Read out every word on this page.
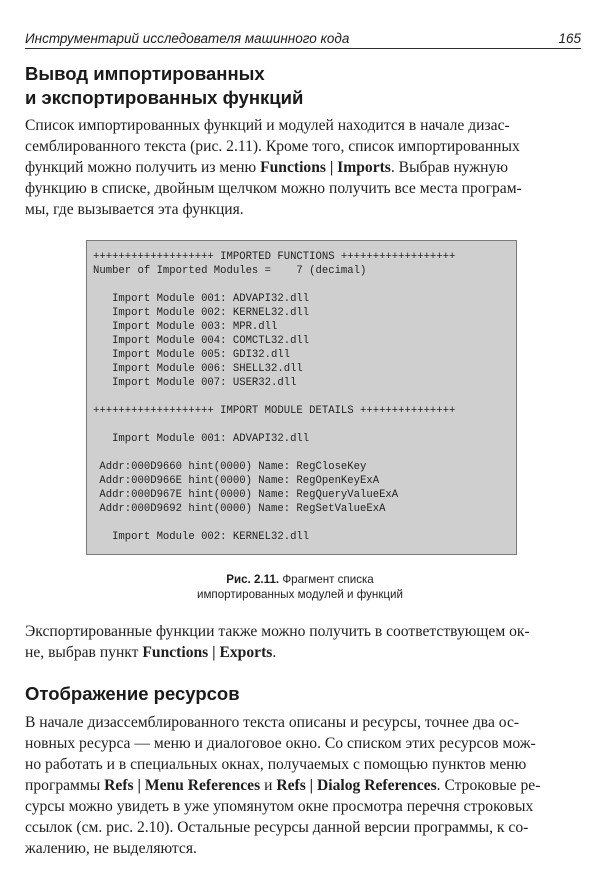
Инструментарий исследователя машинного кода	165
Вывод импортированных
и экспортированных функций
Список импортированных функций и модулей находится в начале дизас-
семблированного текста (рис. 2.11). Кроме того, список импортированных
функций можно получить из меню Functions | Imports. Выбрав нужную
функцию в списке, двойным щелчком можно получить все места програм-
мы, где вызывается эта функция.
+++++++++++++++++++ IMPORTED FUNCTIONS ++++++++++++++++++
Number of Imported Modules =    7 (decimal)
Import Module 001: ADVAPI32.dll
Import Module 002: KERNEL32.dll
Import Module 003: MPR.dll
Import Module 004: COMCTL32.dll
Import Module 005: GDI32.dll
Import Module 006: SHELL32.dll
Import Module 007: USER32.dll
+++++++++++++++++++ IMPORT MODULE DETAILS +++++++++++++++
Import Module 001: ADVAPI32.dll
Addr:000D9660 hint(0000) Name: RegCloseKey
Addr:000D966E hint(0000) Name: RegOpenKeyExA
Addr:000D967E hint(0000) Name: RegQueryValueExA
Addr:000D9692 hint(0000) Name: RegSetValueExA
Import Module 002: KERNEL32.dll
Рис. 2.11. Фрагмент списка
импортированных модулей и функций
Экспортированные функции также можно получить в соответствующем ок-
не, выбрав пункт Functions | Exports.
Отображение ресурсов
В начале дизассемблированного текста описаны и ресурсы, точнее два ос-
новных ресурса — меню и диалоговое окно. Со списком этих ресурсов мож-
но работать и в специальных окнах, получаемых с помощью пунктов меню
программы Refs | Menu References и Refs | Dialog References. Строковые ре-
сурсы можно увидеть в уже упомянутом окне просмотра перечня строковых
ссылок (см. рис. 2.10). Остальные ресурсы данной версии программы, к со-
жалению, не выделяются.
